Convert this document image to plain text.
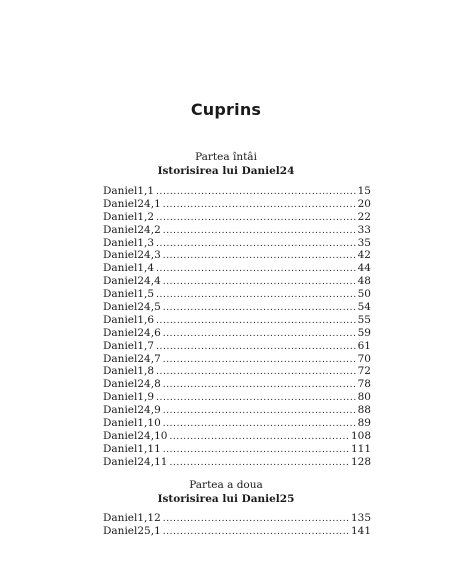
Cuprins
Partea întâi
Istorisirea lui Daniel24
Daniel1,1 .....	15
Daniel24,1 .....	20
Daniel1,2 .....	22
Daniel24,2 .....	33
Daniel1,3 .....	35
Daniel24,3 .....	42
Daniel1,4 .....	44
Daniel24,4 .....	48
Daniel1,5 .....	50
Daniel24,5 .....	54
Daniel1,6 .....	55
Daniel24,6 .....	59
Daniel1,7 .....	61
Daniel24,7 .....	70
Daniel1,8 .....	72
Daniel24,8 .....	78
Daniel1,9 .....	80
Daniel24,9 .....	88
Daniel1,10 .....	89
Daniel24,10 .....	108
Daniel1,11 .....	111
Daniel24,11 .....	128
Partea a doua
Istorisirea lui Daniel25
Daniel1,12 .....	135
Daniel25,1 .....	141
